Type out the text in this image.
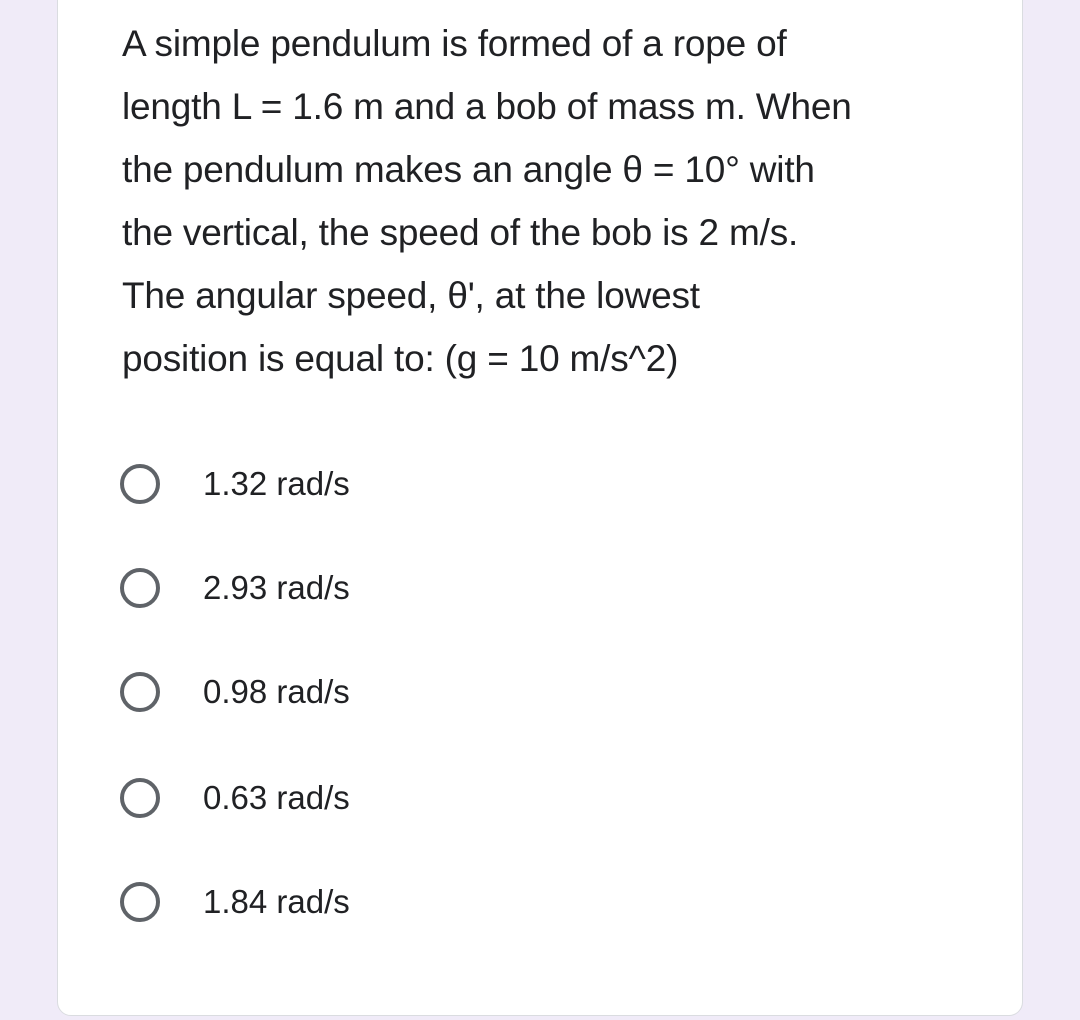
A simple pendulum is formed of a rope of
length L = 1.6 m and a bob of mass m. When
the pendulum makes an angle θ = 10° with
the vertical, the speed of the bob is 2 m/s.
The angular speed, θ', at the lowest
position is equal to: (g = 10 m/s^2)

1.32 rad/s
2.93 rad/s
0.98 rad/s
0.63 rad/s
1.84 rad/s
